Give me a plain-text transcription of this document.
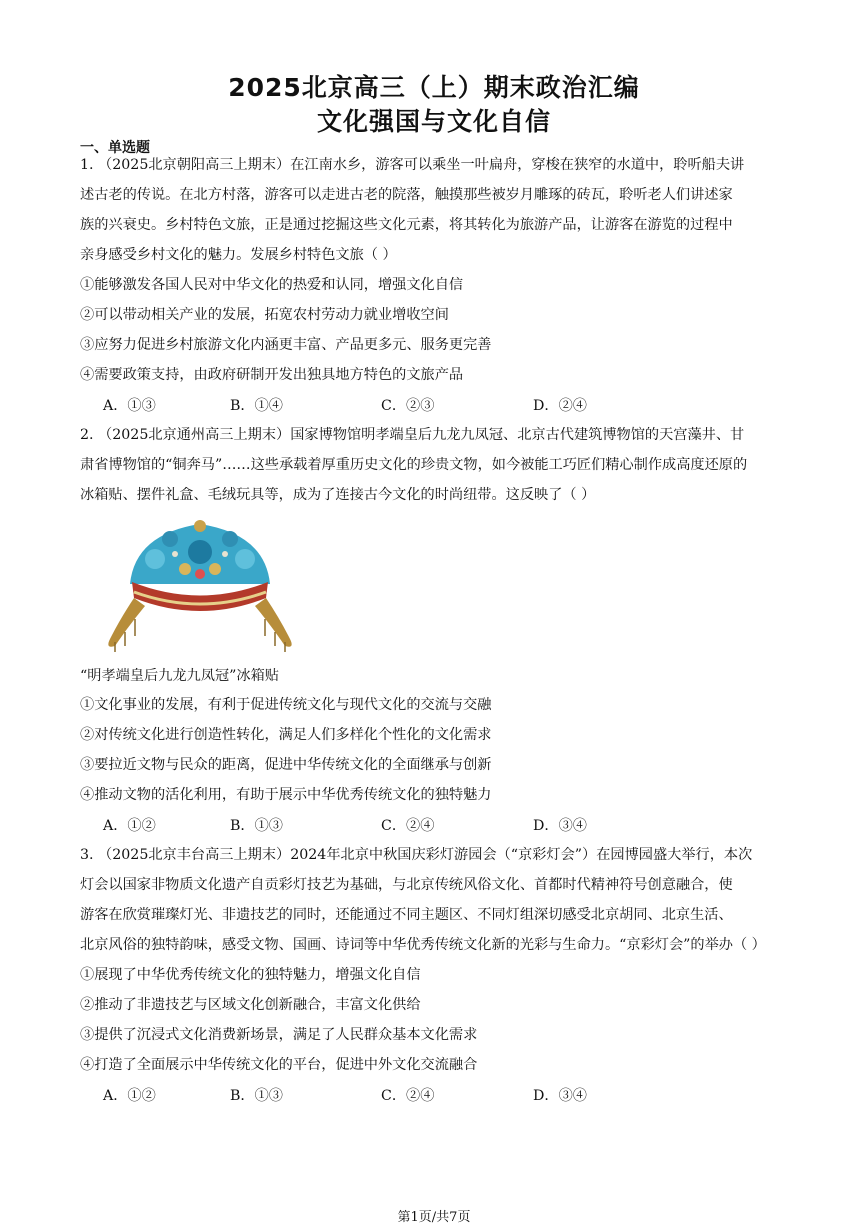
2025北京高三（上）期末政治汇编
文化强国与文化自信
一、单选题
1. （2025北京朝阳高三上期末）在江南水乡，游客可以乘坐一叶扁舟，穿梭在狭窄的水道中，聆听船夫讲
述古老的传说。在北方村落，游客可以走进古老的院落，触摸那些被岁月雕琢的砖瓦，聆听老人们讲述家
族的兴衰史。乡村特色文旅，正是通过挖掘这些文化元素，将其转化为旅游产品，让游客在游览的过程中
亲身感受乡村文化的魅力。发展乡村特色文旅（ ）
①能够激发各国人民对中华文化的热爱和认同，增强文化自信
②可以带动相关产业的发展，拓宽农村劳动力就业增收空间
③应努力促进乡村旅游文化内涵更丰富、产品更多元、服务更完善
④需要政策支持，由政府研制开发出独具地方特色的文旅产品
A．①③	B．①④	C．②③	D．②④
2. （2025北京通州高三上期末）国家博物馆明孝端皇后九龙九凤冠、北京古代建筑博物馆的天宫藻井、甘
肃省博物馆的“铜奔马”……这些承载着厚重历史文化的珍贵文物，如今被能工巧匠们精心制作成高度还原的
冰箱贴、摆件礼盒、毛绒玩具等，成为了连接古今文化的时尚纽带。这反映了（ ）
“明孝端皇后九龙九凤冠”冰箱贴
①文化事业的发展，有利于促进传统文化与现代文化的交流与交融
②对传统文化进行创造性转化，满足人们多样化个性化的文化需求
③要拉近文物与民众的距离，促进中华传统文化的全面继承与创新
④推动文物的活化利用，有助于展示中华优秀传统文化的独特魅力
A．①②	B．①③	C．②④	D．③④
3. （2025北京丰台高三上期末）2024年北京中秋国庆彩灯游园会（“京彩灯会”）在园博园盛大举行，本次
灯会以国家非物质文化遗产自贡彩灯技艺为基础，与北京传统风俗文化、首都时代精神符号创意融合，使
游客在欣赏璀璨灯光、非遗技艺的同时，还能通过不同主题区、不同灯组深切感受北京胡同、北京生活、
北京风俗的独特韵味，感受文物、国画、诗词等中华优秀传统文化新的光彩与生命力。“京彩灯会”的举办（ ）
①展现了中华优秀传统文化的独特魅力，增强文化自信
②推动了非遗技艺与区域文化创新融合，丰富文化供给
③提供了沉浸式文化消费新场景，满足了人民群众基本文化需求
④打造了全面展示中华传统文化的平台，促进中外文化交流融合
A．①②	B．①③	C．②④	D．③④
第1页/共7页
